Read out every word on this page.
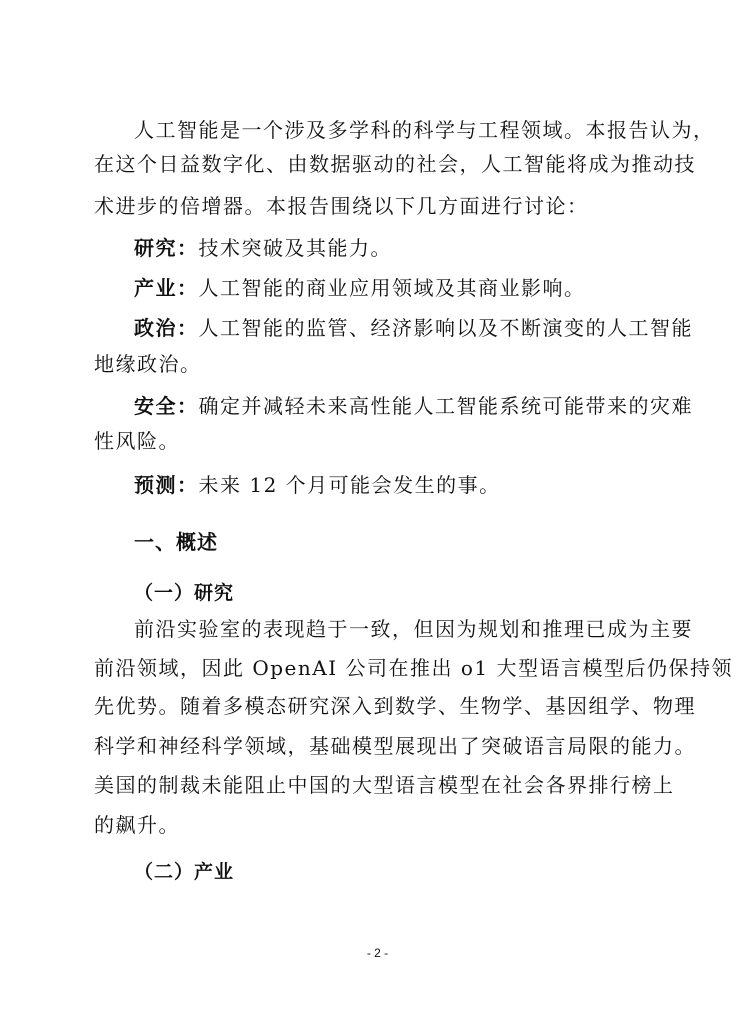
人工智能是一个涉及多学科的科学与工程领域。本报告认为，
在这个日益数字化、由数据驱动的社会，人工智能将成为推动技
术进步的倍增器。本报告围绕以下几方面进行讨论：
研究：技术突破及其能力。
产业：人工智能的商业应用领域及其商业影响。
政治：人工智能的监管、经济影响以及不断演变的人工智能
地缘政治。
安全：确定并减轻未来高性能人工智能系统可能带来的灾难
性风险。
预测：未来 12 个月可能会发生的事。
一、概述
（一）研究
前沿实验室的表现趋于一致，但因为规划和推理已成为主要
前沿领域，因此 OpenAI 公司在推出 o1 大型语言模型后仍保持领
先优势。随着多模态研究深入到数学、生物学、基因组学、物理
科学和神经科学领域，基础模型展现出了突破语言局限的能力。
美国的制裁未能阻止中国的大型语言模型在社会各界排行榜上
的飙升。
（二）产业
- 2 -
